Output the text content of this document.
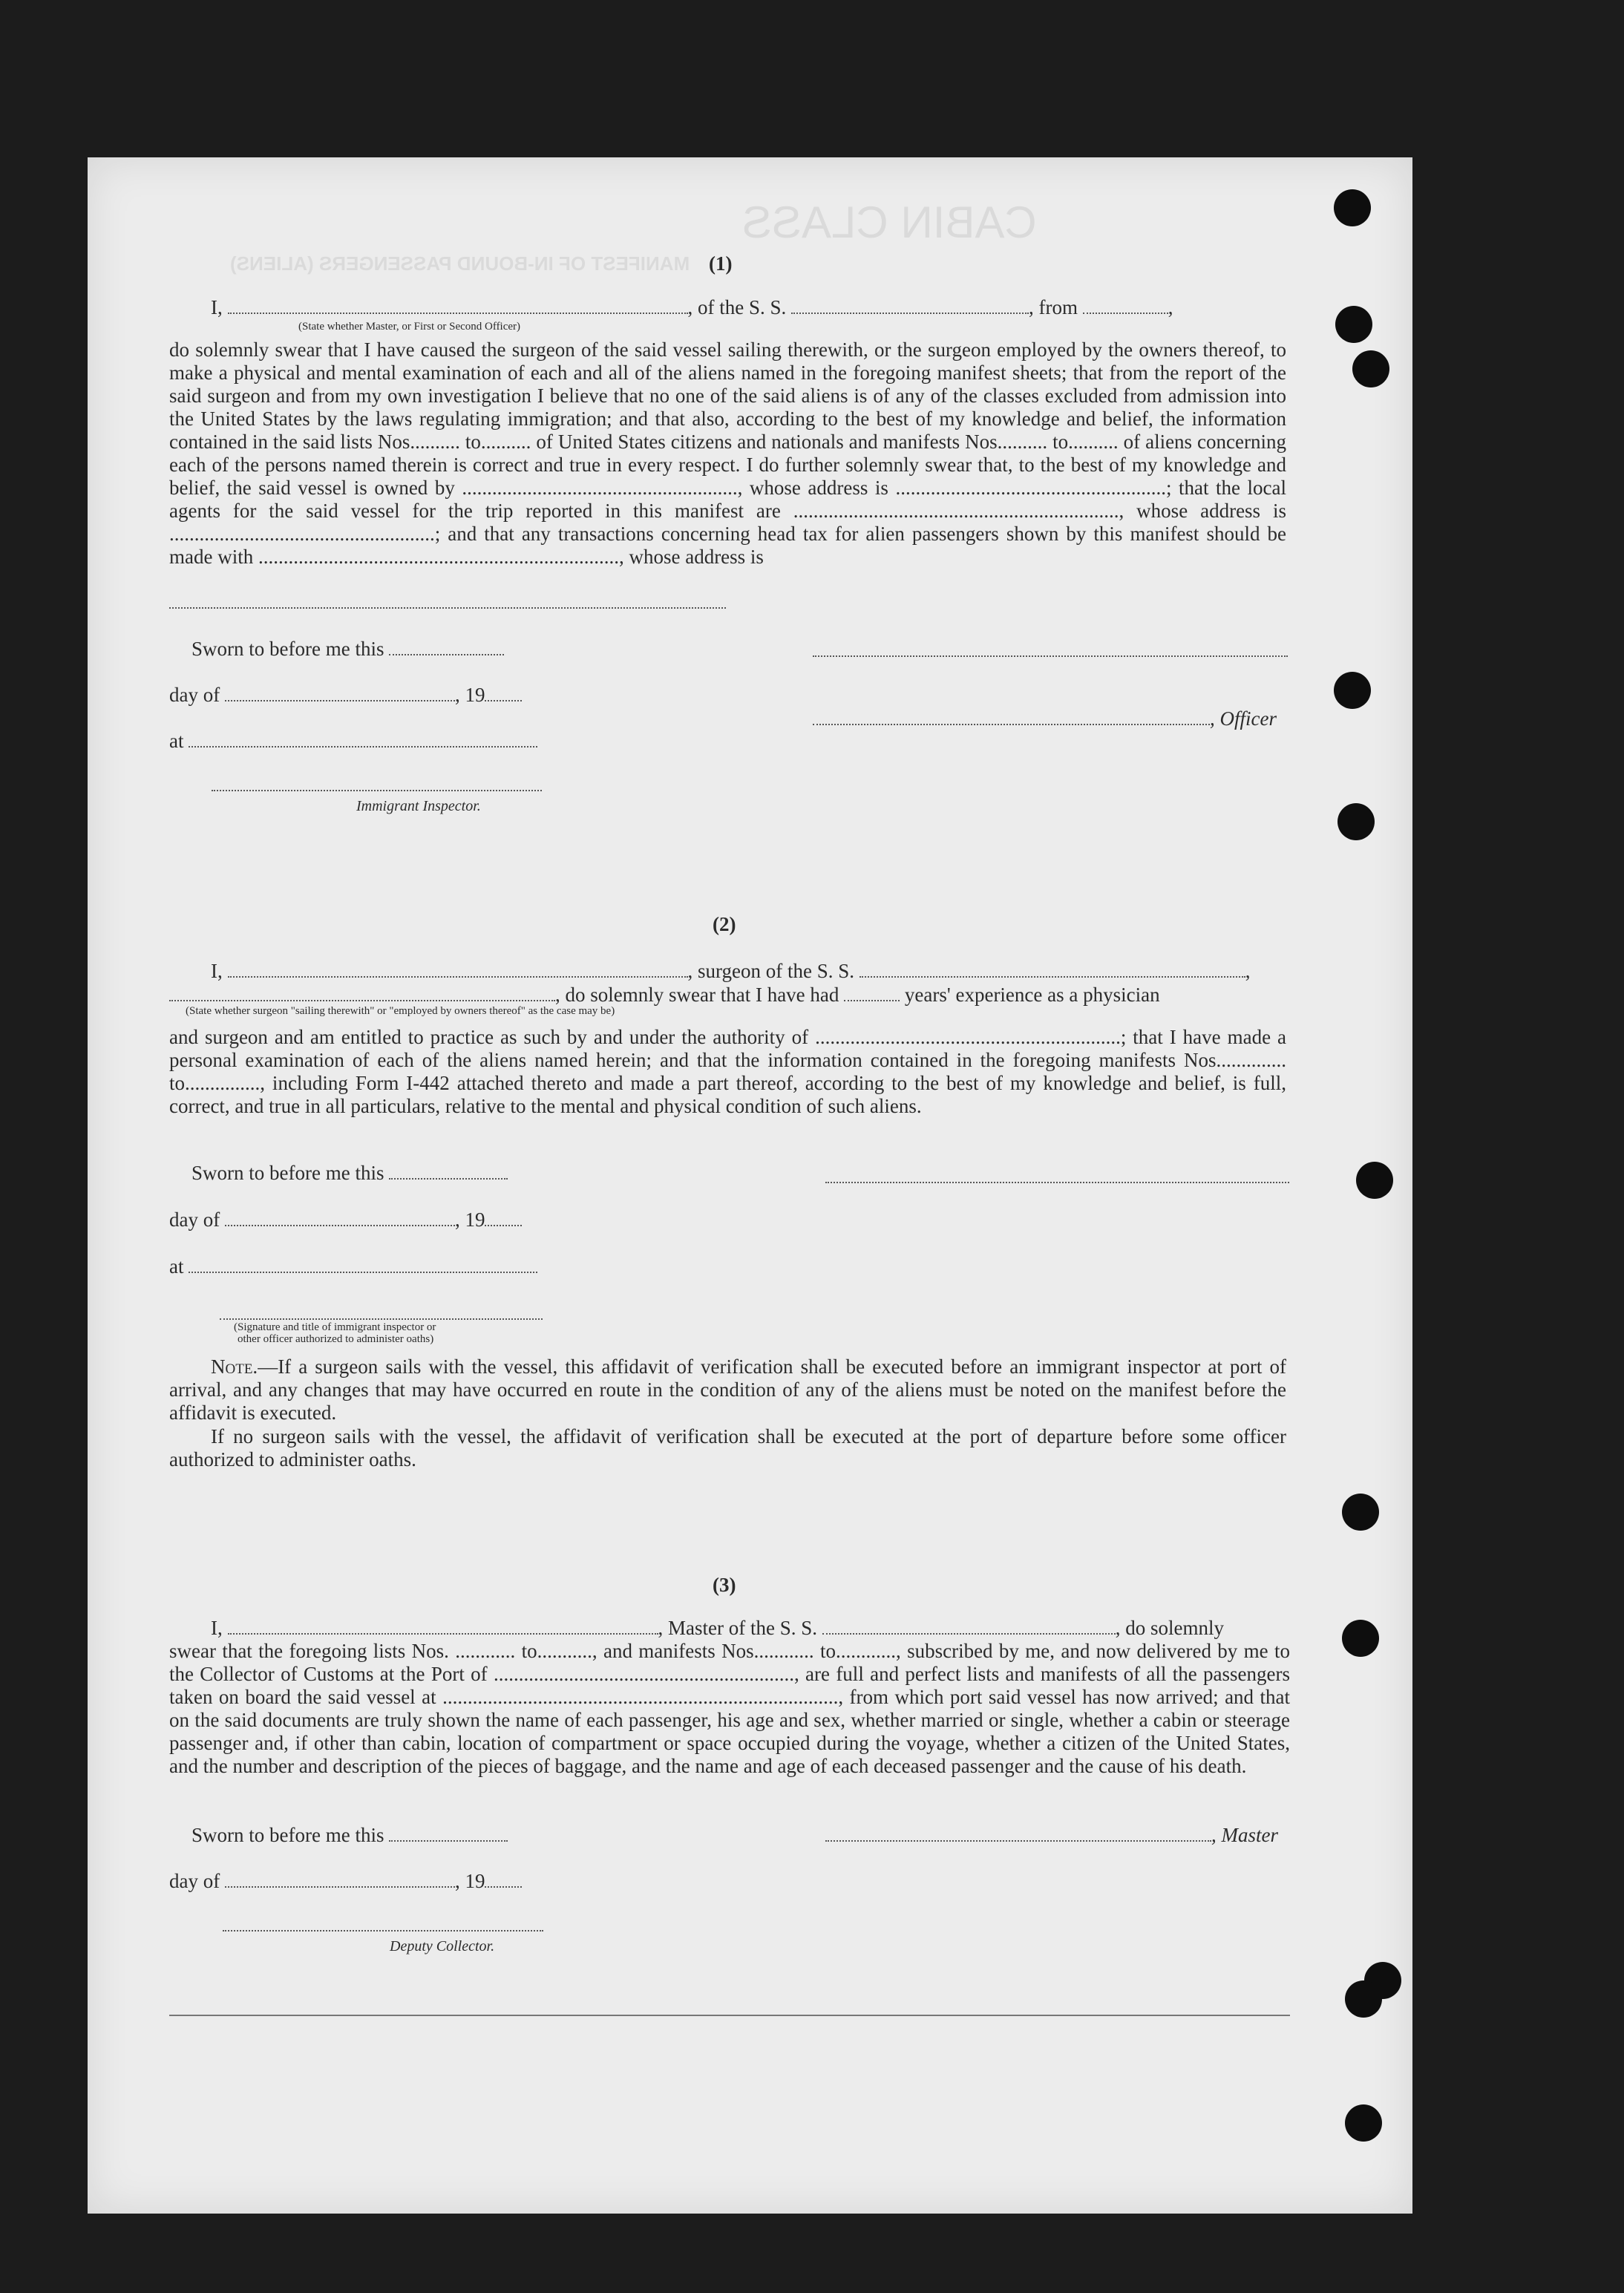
CABIN CLASS
MANIFEST OF IN-BOUND PASSENGERS (ALIENS) (1)
I,	, of the S. S.	, from	,
(State whether Master, or First or Second Officer)
do solemnly swear that I have caused the surgeon of the said vessel sailing therewith, or the surgeon employed by the owners thereof, to make a physical and mental examination of each and all of the aliens named in the foregoing manifest sheets; that from the report of the said surgeon and from my own investigation I believe that no one of the said aliens is of any of the classes excluded from admission into the United States by the laws regulating immigration; and that also, according to the best of my knowledge and belief, the information contained in the said lists Nos.......... to.......... of United States citizens and nationals and manifests Nos.......... to.......... of aliens concerning each of the persons named therein is correct and true in every respect. I do further solemnly swear that, to the best of my knowledge and belief, the said vessel is owned by ......................................................., whose address is ......................................................; that the local agents for the said vessel for the trip reported in this manifest are ................................................................., whose address is .....................................................; and that any transactions concerning head tax for alien passengers shown by this manifest should be made with ........................................................................, whose address is
Sworn to before me this
day of	, 19
at
Immigrant Inspector.
, Officer
(2)
I,	, surgeon of the S. S.	,
, do solemnly swear that I have had	years' experience as a physician
(State whether surgeon "sailing therewith" or "employed by owners thereof" as the case may be)
and surgeon and am entitled to practice as such by and under the authority of .............................................................; that I have made a personal examination of each of the aliens named herein; and that the information contained in the foregoing manifests Nos.............. to..............., including Form I-442 attached thereto and made a part thereof, according to the best of my knowledge and belief, is full, correct, and true in all particulars, relative to the mental and physical condition of such aliens.
Sworn to before me this
day of	, 19
at
(Signature and title of immigrant inspector or
other officer authorized to administer oaths)
Note.—If a surgeon sails with the vessel, this affidavit of verification shall be executed before an immigrant inspector at port of arrival, and any changes that may have occurred en route in the condition of any of the aliens must be noted on the manifest before the affidavit is executed.
If no surgeon sails with the vessel, the affidavit of verification shall be executed at the port of departure before some officer authorized to administer oaths.
(3)
I,	, Master of the S. S.	, do solemnly
swear that the foregoing lists Nos. ............ to..........., and manifests Nos............ to............, subscribed by me, and now delivered by me to the Collector of Customs at the Port of ............................................................, are full and perfect lists and manifests of all the passengers taken on board the said vessel at ..............................................................................., from which port said vessel has now arrived; and that on the said documents are truly shown the name of each passenger, his age and sex, whether married or single, whether a cabin or steerage passenger and, if other than cabin, location of compartment or space occupied during the voyage, whether a citizen of the United States, and the number and description of the pieces of baggage, and the name and age of each deceased passenger and the cause of his death.
Sworn to before me this
day of	, 19
Deputy Collector.
, Master
